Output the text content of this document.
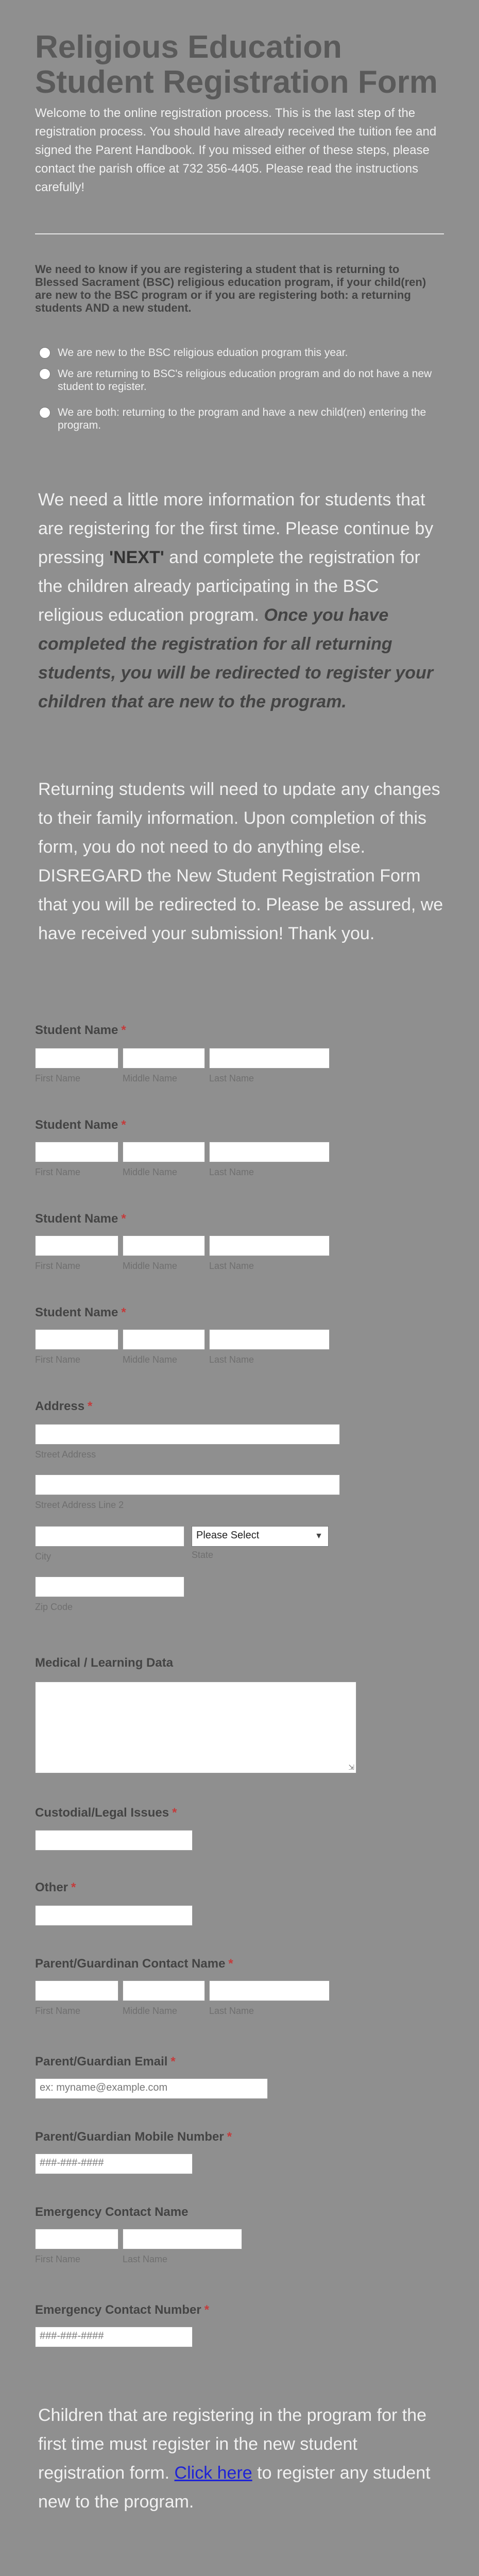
Religious Education Student Registration Form
Welcome to the online registration process. This is the last step of the registration process. You should have already received the tuition fee and signed the Parent Handbook. If you missed either of these steps, please contact the parish office at 732 356-4405. Please read the instructions carefully!
We need to know if you are registering a student that is returning to Blessed Sacrament (BSC) religious education program, if your child(ren) are new to the BSC program or if you are registering both: a returning students AND a new student.
We are new to the BSC religious eduation program this year.
We are returning to BSC's religious education program and do not have a new student to register.
We are both: returning to the program and have a new child(ren) entering the program.
We need a little more information for students that are registering for the first time. Please continue by pressing 'NEXT' and complete the registration for the children already participating in the BSC religious education program. Once you have completed the registration for all returning students, you will be redirected to register your children that are new to the program.
Returning students will need to update any changes to their family information. Upon completion of this form, you do not need to do anything else. DISREGARD the New Student Registration Form that you will be redirected to. Please be assured, we have received your submission! Thank you.
Student Name *
First Name	Middle Name	Last Name
Student Name *
First Name	Middle Name	Last Name
Student Name *
First Name	Middle Name	Last Name
Student Name *
First Name	Middle Name	Last Name
Address *
Street Address
Street Address Line 2
City
Please Select	▼
State
Zip Code
Medical / Learning Data
⇲
Custodial/Legal Issues *
Other *
Parent/Guardinan Contact Name *
First Name	Middle Name	Last Name
Parent/Guardian Email *
ex: myname@example.com
Parent/Guardian Mobile Number *
###-###-####
Emergency Contact Name
First Name	Last Name
Emergency Contact Number *
###-###-####
Children that are registering in the program for the first time must register in the new student registration form. Click here to register any student new to the program.
